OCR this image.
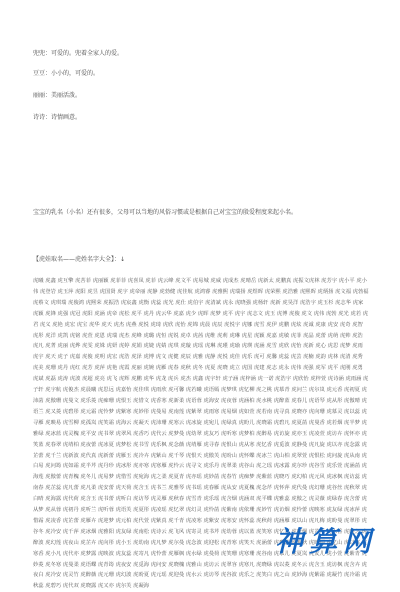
兜兜：可爱的。兜着全家人的爱。
豆豆：小小的，可爱的。
丽丽：美丽活泼。
诗诗：诗情画意。
宝宝的乳名（小名）还有很多，父母可以当地的风俗习惯或是根据自己对宝宝的殷爱程度来起小名。
【虎娃取名——虎姓名字大全】：↓
虎曦 虎鑫 虎互擎 虎菩菲 虎丽颖 虎菲菲 虎喜凤 虎菲 虎云峰 虎文平 虎易城 虎威 虎成杰 虎晴岳 虎新太 虎鹏真 虎振文虎林 虎芳宇 虎小平 虎小伟 虎登岩 虎玉萍 虎阳 虎昱 虎国贤 虎宇 虎帝丽 虎静 虎勃健 虎佳航 虎鸿睿 虎雅熙 虎瑞扬 虎煜晖 虎荣熙 虎浩雅 虎熙晖 虎炳扬 虎文福 虎勃福 虎蔡文 虎琪瑞 虎俊鸿 虎熙荣 虎振浩 虎宸鑫 虎衡 虎蕊 虎光 虎仕 虎伯宇 虎清斌 虎永 虎晓强 虎杨轩 虎新 虎昊洋 虎浩宇 虎玉杉 虎志华 虎家 虎颖 虎锋 虎强 虎冠 虎阳 虎涵 虎帝 虎松 虎平 虎丹 虎云华 虎嘉 虎少 虎晖 虎梦 虎平 虎宇 虎志文 虎玉 虎博 虎俊 虎文 虎伟 虎勃 虎光 虎若 虎君 虎义 虎艳 虎宏 虎宝 虎华 虎天 虎杰 虎燕 虎悦 虎琦 虎欣 虎怡 虎锦 虎晨 虎辰 虎悦宇 虎娜 虎雪 虎伊 虎鹏 虎炫 虎诚 虎康 虎安 虎奇 虎智 虎彤 虎洋 虎凯 虎铭 虎萱 虎恩 虎瑞 虎杰 虎峰 虎璐 虎恒 虎锐 虎卓 虎茜 虎维 虎莉 虎琳 虎星 虎颖 虎嘉 虎敏 虎菲 虎晶 虎蕾 虎萌 虎帅 虎浩 虎凡 虎菁 虎丽 虎烨 虎雯 虎姝 虎妍 虎婷 虎娟 虎婕 虎婧 虎琪 虎璇 虎瑶 虎琳 虎瑾 虎瑜 虎瑛 虎涵 虎雪 虎欣 虎怡 虎新 虎心 虎思 虎梦 虎雨 虎宇 虎天 虎子 虎嘉 虎俊 虎明 虎宏 虎浩 虎泽 虎博 虎文 虎健 虎辰 虎雅 虎静 虎悦 虎佳 虎乐 虎可 虎馨 虎蕊 虎芸 虎楠 虎韵 虎林 虎清 虎秀 虎美 虎珊 虎丹 虎红 虎芳 虎萍 虎艳 虎霞 虎丽 虎婉 虎雁 虎春 虎秋 虎冬 虎夏 虎晓 虎立 虎国 虎建 虎志 虎永 虎伟 虎强 虎军 虎平 虎刚 虎勇 虎斌 虎磊 虎涛 虎波 虎超 虎亮 虎飞 虎辉 虎鹏 虎华 虎龙 虎兵 虎杰 虎鑫 虎宇轩 虎子涵 虎梓涵 虎一诺 虎浩宇 虎欣怡 虎梓萱 虎诗涵 虎雨涵 虎子轩 虎宇航 虎俊杰 虎晨曦 虎思远 虎嘉怡 虎佳琪 虎雨欣 虎可馨 虎若曦 虎语嫣 虎梦琪 虎忆柳 虎之桃 虎慕青 虎问兰 虎尔岚 虎元香 虎初夏 虎沛菡 虎傲珊 虎曼文 虎乐菱 虎痴珊 虎恨玉 虎惜文 虎香寒 虎新柔 虎语蓉 虎海安 虎夜蓉 虎涵柏 虎水桃 虎醉蓝 虎春儿 虎语琴 虎从彤 虎傲晴 虎语兰 虎又菱 虎碧彤 虎元霜 虎怜梦 虎紫寒 虎妙彤 虎曼易 虎南莲 虎紫翠 虎雨寒 虎易烟 虎如萱 虎若南 虎寻真 虎晓亦 虎向珊 虎慕灵 虎以蕊 虎寻雁 虎映易 虎雪柳 虎孤岚 虎笑霜 虎海云 虎凝天 虎沛珊 虎寒云 虎冰旋 虎宛儿 虎绿真 虎盼儿 虎晓霜 虎碧凡 虎夏菡 虎曼香 虎若烟 虎半梦 虎雅绿 虎冰蓝 虎灵槐 虎平安 虎书翠 虎翠风 虎香巧 虎代云 虎梦曼 虎幼翠 虎友巧 虎听寒 虎梦柏 虎醉易 虎访旋 虎亦玉 虎凌萱 虎访卉 虎怀亦 虎笑蓝 虎春翠 虎靖柏 虎夜蕾 虎冰夏 虎梦松 虎书雪 虎乐枫 虎念薇 虎靖雁 虎寻春 虎恨山 虎从寒 虎忆香 虎觅波 虎静曼 虎凡旋 虎以亦 虎念露 虎芷蕾 虎千兰 虎新波 虎代真 虎新蕾 虎雁玉 虎冷卉 虎紫山 虎千琴 虎恨天 虎傲芙 虎盼山 虎怀蝶 虎冰兰 虎山柏 虎翠萱 虎恨松 虎问旋 虎从南 虎白易 虎问筠 虎如霜 虎半芹 虎丹珍 虎冰彤 虎亦寒 虎寒雁 虎怜云 虎寻文 虎乐丹 虎翠柔 虎谷山 虎之瑶 虎冰露 虎尔珍 虎谷雪 虎乐萱 虎涵菡 虎海莲 虎傲蕾 虎青槐 虎冬儿 虎易梦 虎惜雪 虎宛海 虎之柔 虎夏青 虎亦瑶 虎妙菡 虎春竹 虎痴梦 虎紫蓝 虎晓巧 虎幻柏 虎元风 虎冰枫 虎访蕊 虎南春 虎芷蕊 虎凡蕾 虎凡柔 虎安蕾 虎天荷 虎含玉 虎书兰 虎雅琴 虎书瑶 虎春雁 虎从安 虎夏槐 虎念芹 虎怀萍 虎代曼 虎幻珊 虎谷丝 虎秋翠 虎白晴 虎海露 虎代荷 虎含玉 虎书蕾 虎听白 虎访琴 虎灵雁 虎秋春 虎雪青 虎乐瑶 虎含烟 虎涵双 虎平蝶 虎雅蕊 虎傲之 虎灵薇 虎绿春 虎含蕾 虎从梦 虎从蓉 虎初丹 虎听兰 虎听蓉 虎语芙 虎夏彤 虎凌瑶 虎忆翠 虎幻灵 虎怜菡 虎紫南 虎依珊 虎妙竹 虎访烟 虎怜蕾 虎映寒 虎友绿 虎冰萍 虎惜霜 虎凌香 虎芷蕾 虎雁卉 虎迎梦 虎元柏 虎代萱 虎紫真 虎千青 虎凌寒 虎紫安 虎寒安 虎怀蕊 虎秋荷 虎涵雁 虎以山 虎凡梅 虎盼曼 虎翠彤 虎谷冬 虎冷安 虎千萍 虎冰烟 虎雅阳 虎友绿 虎南松 虎诗云 虎飞风 虎寄灵 虎书芹 虎幼蓉 虎以蓝 虎笑寒 虎忆寒 虎秋烟 虎芷巧 虎水香 虎映之 虎醉波 虎幻莲 虎夜山 虎芷卉 虎向彤 虎小玉 虎幼南 虎凡梦 虎尔曼 虎念波 虎迎松 虎青寒 虎笑天 虎涵蕾 虎碧菡 虎映秋 虎盼烟 虎忆山 虎以寒 虎寒香 虎小凡 虎代亦 虎梦露 虎映波 虎友蕊 虎寄凡 虎怜蕾 虎雁枫 虎水绿 虎曼荷 虎笑珊 虎寒珊 虎谷南 虎慕儿 虎夏岚 虎友儿 虎小萱 虎紫青 虎妙菱 虎冬寒 虎曼柔 虎语蝶 虎青筠 虎夜安 虎觅海 虎问安 虎晓槐 虎雅山 虎访云 虎翠容 虎寒凡 虎晓绿 虎以菱 虎冬云 虎含玉 虎访枫 虎含卉 虎夜白 虎冷安 虎灵竹 虎醉薇 虎元珊 虎幻波 虎盼夏 虎元瑶 虎迎曼 虎水云 虎访琴 虎谷波 虎乐之 虎笑白 虎之山 虎妙海 虎紫霜 虎凝竹 虎冷霜 虎秋蕊 虎碧巧 虎代双 虎晓露 虎又亦 虎尔芙 虎凝海
神算网
